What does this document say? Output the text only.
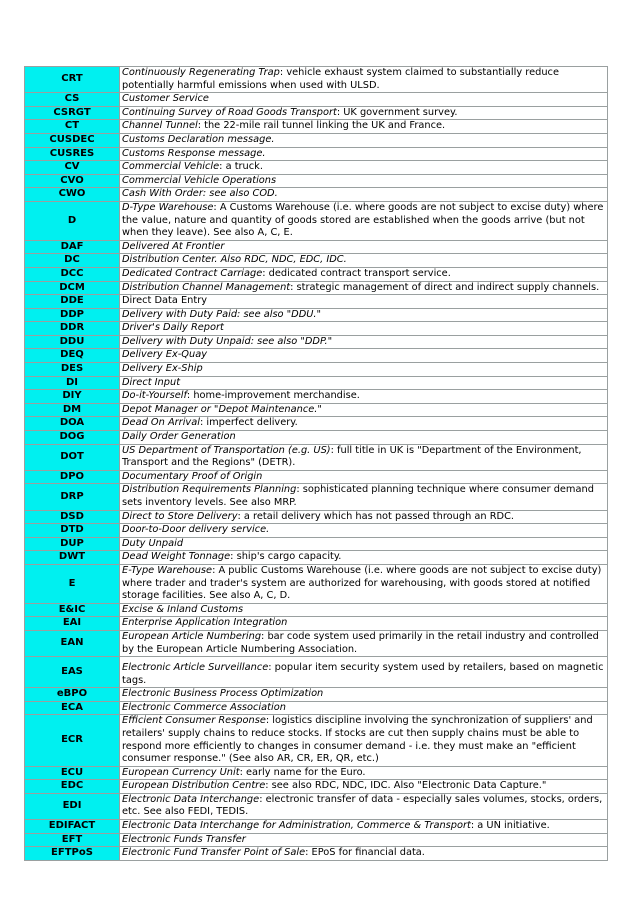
CRT	Continuously Regenerating Trap: vehicle exhaust system claimed to substantially reduce potentially harmful emissions when used with ULSD.
CS	Customer Service
CSRGT	Continuing Survey of Road Goods Transport: UK government survey.
CT	Channel Tunnel: the 22-mile rail tunnel linking the UK and France.
CUSDEC	Customs Declaration message.
CUSRES	Customs Response message.
CV	Commercial Vehicle: a truck.
CVO	Commercial Vehicle Operations
CWO	Cash With Order: see also COD.
D	D-Type Warehouse: A Customs Warehouse (i.e. where goods are not subject to excise duty) where the value, nature and quantity of goods stored are established when the goods arrive (but not when they leave). See also A, C, E.
DAF	Delivered At Frontier
DC	Distribution Center. Also RDC, NDC, EDC, IDC.
DCC	Dedicated Contract Carriage: dedicated contract transport service.
DCM	Distribution Channel Management: strategic management of direct and indirect supply channels.
DDE	Direct Data Entry
DDP	Delivery with Duty Paid: see also "DDU."
DDR	Driver's Daily Report
DDU	Delivery with Duty Unpaid: see also "DDP."
DEQ	Delivery Ex-Quay
DES	Delivery Ex-Ship
DI	Direct Input
DIY	Do-it-Yourself: home-improvement merchandise.
DM	Depot Manager or "Depot Maintenance."
DOA	Dead On Arrival: imperfect delivery.
DOG	Daily Order Generation
DOT	US Department of Transportation (e.g. US): full title in UK is "Department of the Environment, Transport and the Regions" (DETR).
DPO	Documentary Proof of Origin
DRP	Distribution Requirements Planning: sophisticated planning technique where consumer demand sets inventory levels. See also MRP.
DSD	Direct to Store Delivery: a retail delivery which has not passed through an RDC.
DTD	Door-to-Door delivery service.
DUP	Duty Unpaid
DWT	Dead Weight Tonnage: ship's cargo capacity.
E	E-Type Warehouse: A public Customs Warehouse (i.e. where goods are not subject to excise duty) where trader and trader's system are authorized for warehousing, with goods stored at notified storage facilities. See also A, C, D.
E&IC	Excise & Inland Customs
EAI	Enterprise Application Integration
EAN	European Article Numbering: bar code system used primarily in the retail industry and controlled by the European Article Numbering Association.
EAS	Electronic Article Surveillance: popular item security system used by retailers, based on magnetic tags.
eBPO	Electronic Business Process Optimization
ECA	Electronic Commerce Association
ECR	Efficient Consumer Response: logistics discipline involving the synchronization of suppliers' and retailers' supply chains to reduce stocks. If stocks are cut then supply chains must be able to respond more efficiently to changes in consumer demand - i.e. they must make an "efficient consumer response." (See also AR, CR, ER, QR, etc.)
ECU	European Currency Unit: early name for the Euro.
EDC	European Distribution Centre: see also RDC, NDC, IDC. Also "Electronic Data Capture."
EDI	Electronic Data Interchange: electronic transfer of data - especially sales volumes, stocks, orders, etc. See also FEDI, TEDIS.
EDIFACT	Electronic Data Interchange for Administration, Commerce & Transport: a UN initiative.
EFT	Electronic Funds Transfer
EFTPoS	Electronic Fund Transfer Point of Sale: EPoS for financial data.
